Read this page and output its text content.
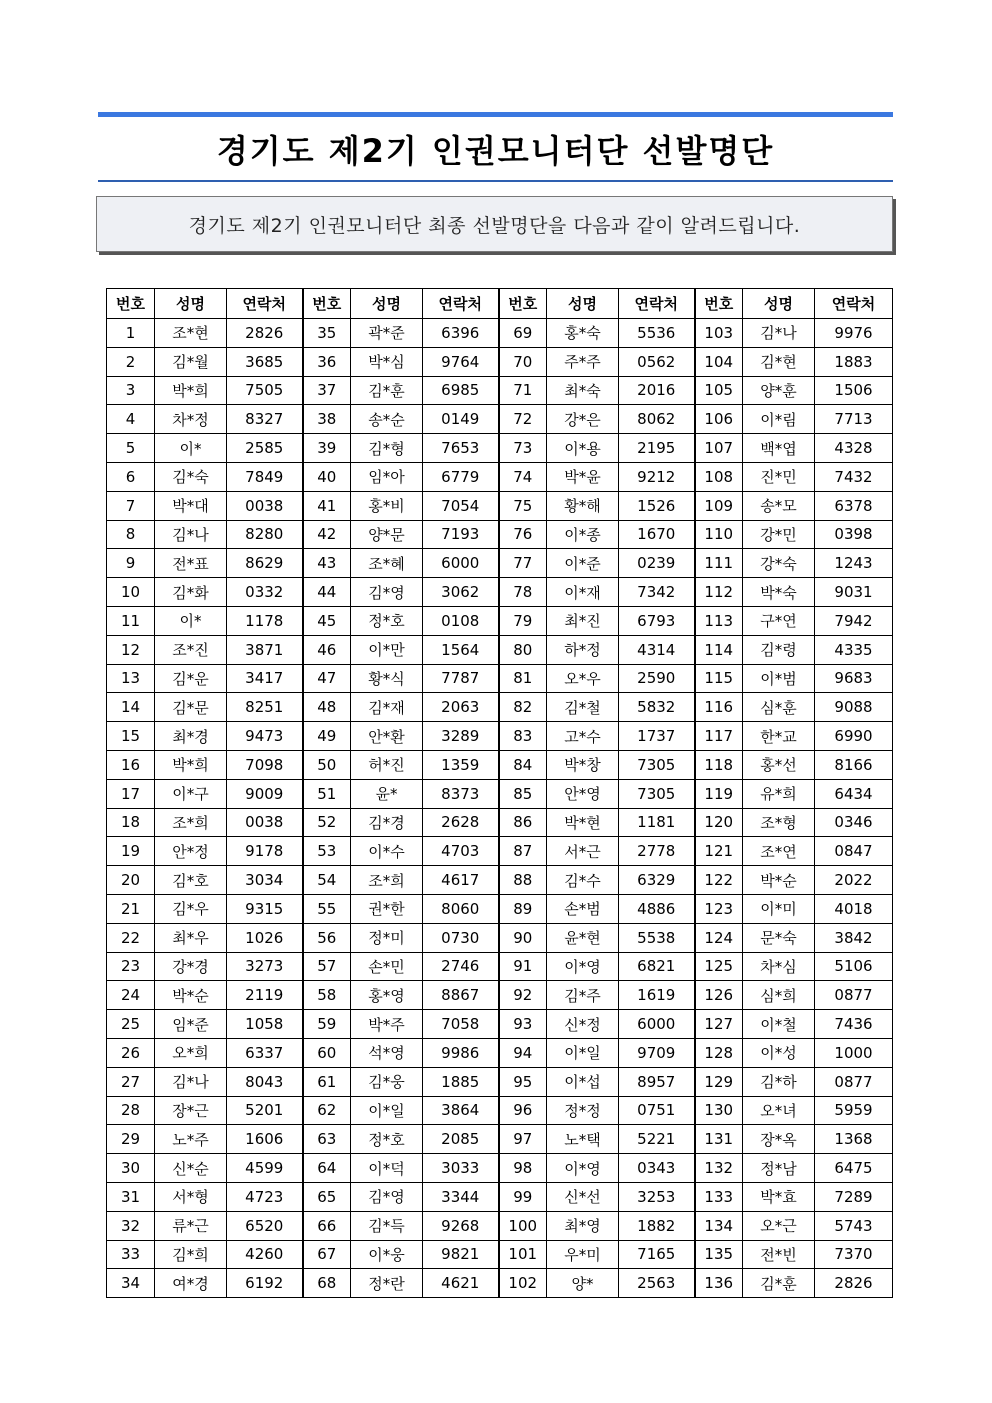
경기도 제2기 인권모니터단 선발명단
경기도 제2기 인권모니터단 최종 선발명단을 다음과 같이 알려드립니다.
번호	성명	연락처	번호	성명	연락처	번호	성명	연락처	번호	성명	연락처
1	조*현	2826	35	곽*준	6396	69	홍*숙	5536	103	김*나	9976
2	김*월	3685	36	박*심	9764	70	주*주	0562	104	김*현	1883
3	박*희	7505	37	김*훈	6985	71	최*숙	2016	105	양*훈	1506
4	차*정	8327	38	송*순	0149	72	강*은	8062	106	이*림	7713
5	이*	2585	39	김*형	7653	73	이*용	2195	107	백*엽	4328
6	김*숙	7849	40	임*아	6779	74	박*윤	9212	108	진*민	7432
7	박*대	0038	41	홍*비	7054	75	황*해	1526	109	송*모	6378
8	김*나	8280	42	양*문	7193	76	이*종	1670	110	강*민	0398
9	전*표	8629	43	조*혜	6000	77	이*준	0239	111	강*숙	1243
10	김*화	0332	44	김*영	3062	78	이*재	7342	112	박*숙	9031
11	이*	1178	45	정*호	0108	79	최*진	6793	113	구*연	7942
12	조*진	3871	46	이*만	1564	80	하*정	4314	114	김*령	4335
13	김*운	3417	47	황*식	7787	81	오*우	2590	115	이*범	9683
14	김*문	8251	48	김*재	2063	82	김*철	5832	116	심*훈	9088
15	최*경	9473	49	안*환	3289	83	고*수	1737	117	한*교	6990
16	박*희	7098	50	허*진	1359	84	박*창	7305	118	홍*선	8166
17	이*구	9009	51	윤*	8373	85	안*영	7305	119	유*희	6434
18	조*희	0038	52	김*경	2628	86	박*현	1181	120	조*형	0346
19	안*정	9178	53	이*수	4703	87	서*근	2778	121	조*연	0847
20	김*호	3034	54	조*희	4617	88	김*수	6329	122	박*순	2022
21	김*우	9315	55	권*한	8060	89	손*범	4886	123	이*미	4018
22	최*우	1026	56	정*미	0730	90	윤*현	5538	124	문*숙	3842
23	강*경	3273	57	손*민	2746	91	이*영	6821	125	차*심	5106
24	박*순	2119	58	홍*영	8867	92	김*주	1619	126	심*희	0877
25	임*준	1058	59	박*주	7058	93	신*정	6000	127	이*철	7436
26	오*희	6337	60	석*영	9986	94	이*일	9709	128	이*성	1000
27	김*나	8043	61	김*웅	1885	95	이*섭	8957	129	김*하	0877
28	장*근	5201	62	이*일	3864	96	정*정	0751	130	오*녀	5959
29	노*주	1606	63	정*호	2085	97	노*택	5221	131	장*옥	1368
30	신*순	4599	64	이*덕	3033	98	이*영	0343	132	정*남	6475
31	서*형	4723	65	김*영	3344	99	신*선	3253	133	박*효	7289
32	류*근	6520	66	김*득	9268	100	최*영	1882	134	오*근	5743
33	김*희	4260	67	이*웅	9821	101	우*미	7165	135	전*빈	7370
34	여*경	6192	68	정*란	4621	102	양*	2563	136	김*훈	2826
